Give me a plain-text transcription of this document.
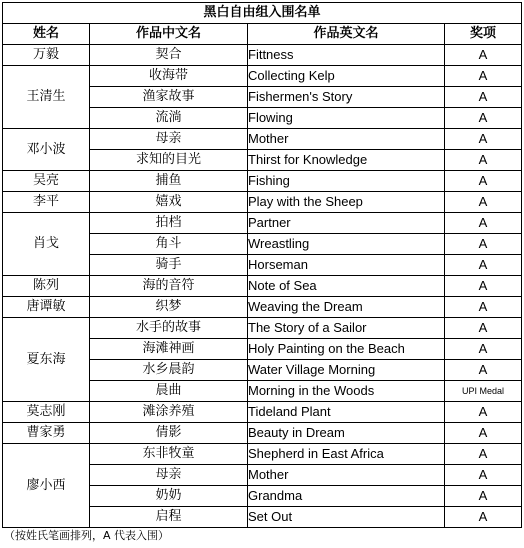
黑白自由组入围名单			
姓名	作品中文名	作品英文名	奖项
万毅	契合	Fittness	A
王清生	收海带	Collecting Kelp	A
	渔家故事	Fishermen's Story	A
	流淌	Flowing	A
邓小波	母亲	Mother	A
	求知的目光	Thirst for Knowledge	A
吴亮	捕鱼	Fishing	A
李平	嬉戏	Play with the Sheep	A
肖戈	拍档	Partner	A
	角斗	Wreastling	A
	骑手	Horseman	A
陈列	海的音符	Note of Sea	A
唐谭敏	织梦	Weaving the Dream	A
夏东海	水手的故事	The Story of a Sailor	A
	海滩神画	Holy Painting on the Beach	A
	水乡晨韵	Water Village Morning	A
	晨曲	Morning in the Woods	UPI Medal
莫志刚	滩涂养殖	Tideland Plant	A
曹家勇	倩影	Beauty in Dream	A
廖小西	东非牧童	Shepherd in East Africa	A
	母亲	Mother	A
	奶奶	Grandma	A
	启程	Set Out	A
（按姓氏笔画排列，A 代表入围）
